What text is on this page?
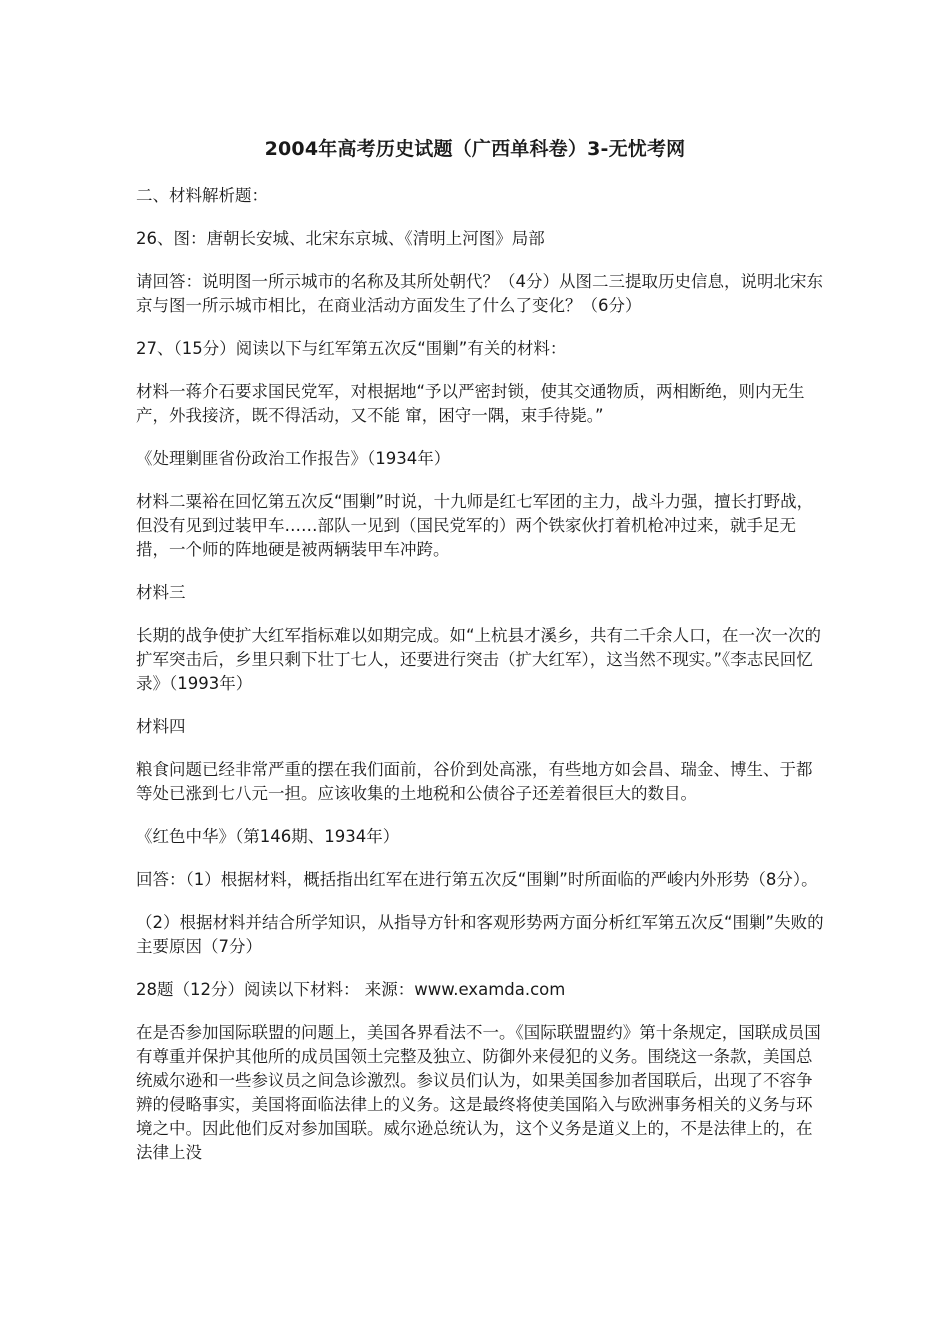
2004年高考历史试题（广西单科卷）3-无忧考网

二、材料解析题：

26、图：唐朝长安城、北宋东京城、《清明上河图》局部

请回答：说明图一所示城市的名称及其所处朝代？（4分）从图二三提取历史信息，说明北宋东京与图一所示城市相比，在商业活动方面发生了什么了变化？（6分）

27、（15分）阅读以下与红军第五次反“围剿”有关的材料：

材料一蒋介石要求国民党军，对根据地“予以严密封锁，使其交通物质，两相断绝，则内无生产，外我接济，既不得活动，又不能 窜，困守一隅，束手待毙。”

《处理剿匪省份政治工作报告》（1934年）

材料二粟裕在回忆第五次反“围剿”时说，十九师是红七军团的主力，战斗力强，擅长打野战，但没有见到过装甲车……部队一见到（国民党军的）两个铁家伙打着机枪冲过来，就手足无措，一个师的阵地硬是被两辆装甲车冲跨。

材料三

长期的战争使扩大红军指标难以如期完成。如“上杭县才溪乡，共有二千余人口，在一次一次的扩军突击后，乡里只剩下壮丁七人，还要进行突击（扩大红军），这当然不现实。”《李志民回忆录》（1993年）

材料四

粮食问题已经非常严重的摆在我们面前，谷价到处高涨，有些地方如会昌、瑞金、博生、于都等处已涨到七八元一担。应该收集的土地税和公债谷子还差着很巨大的数目。

《红色中华》（第146期、1934年）

回答：（1）根据材料，概括指出红军在进行第五次反“围剿”时所面临的严峻内外形势（8分）。

（2）根据材料并结合所学知识，从指导方针和客观形势两方面分析红军第五次反“围剿”失败的主要原因（7分）

28题（12分）阅读以下材料： 来源：www.examda.com

在是否参加国际联盟的问题上，美国各界看法不一。《国际联盟盟约》第十条规定，国联成员国有尊重并保护其他所的成员国领土完整及独立、防御外来侵犯的义务。围绕这一条款，美国总统威尔逊和一些参议员之间急诊激烈。参议员们认为，如果美国参加者国联后，出现了不容争辨的侵略事实，美国将面临法律上的义务。这是最终将使美国陷入与欧洲事务相关的义务与环境之中。因此他们反对参加国联。威尔逊总统认为，这个义务是道义上的，不是法律上的，在法律上没
